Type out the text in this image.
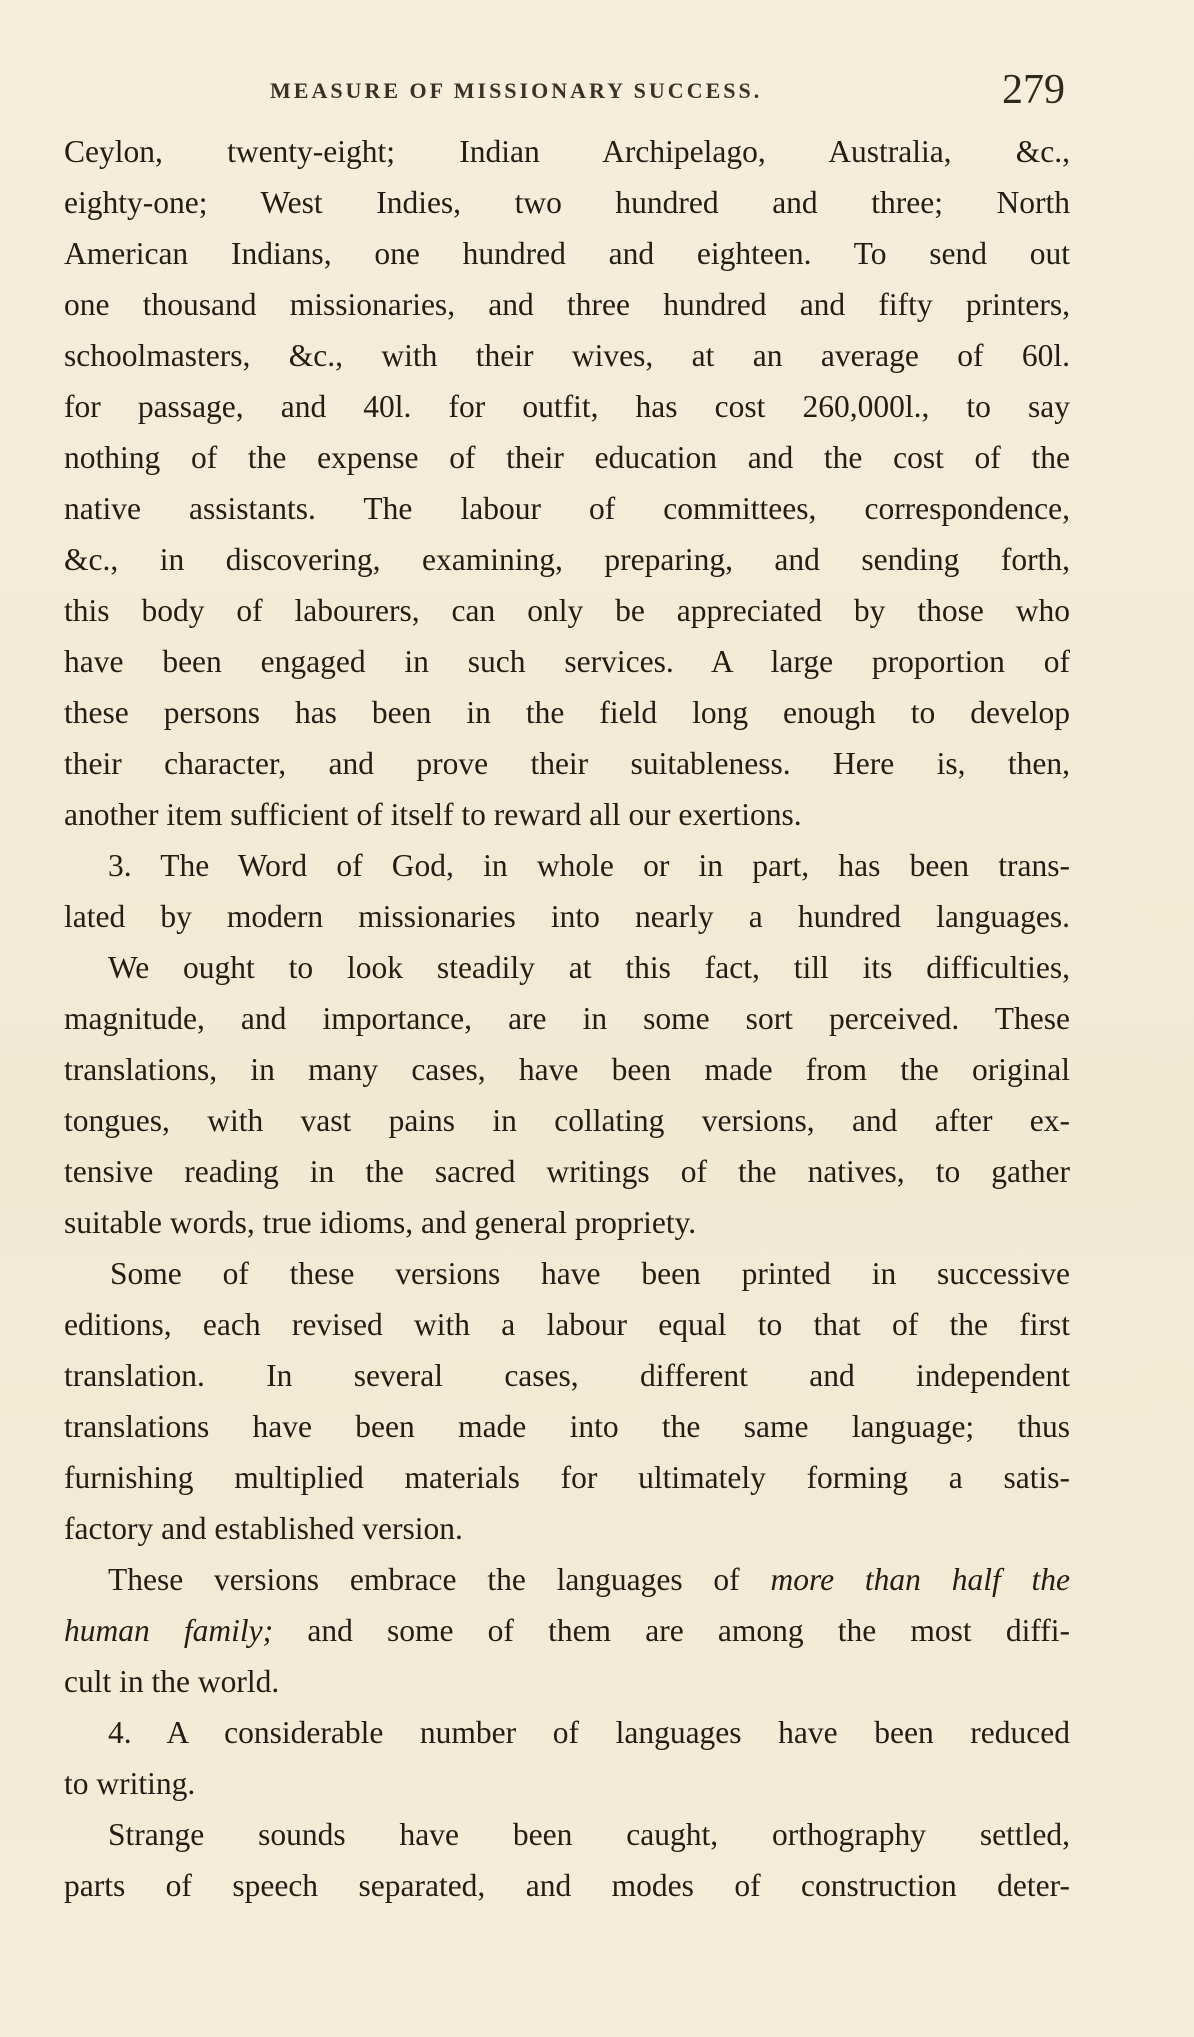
MEASURE OF MISSIONARY SUCCESS.	279
Ceylon, twenty-eight; Indian Archipelago, Australia, &c.,
eighty-one; West Indies, two hundred and three; North
American Indians, one hundred and eighteen. To send out
one thousand missionaries, and three hundred and fifty printers,
schoolmasters, &c., with their wives, at an average of 60l.
for passage, and 40l. for outfit, has cost 260,000l., to say
nothing of the expense of their education and the cost of the
native assistants. The labour of committees, correspondence,
&c., in discovering, examining, preparing, and sending forth,
this body of labourers, can only be appreciated by those who
have been engaged in such services. A large proportion of
these persons has been in the field long enough to develop
their character, and prove their suitableness. Here is, then,
another item sufficient of itself to reward all our exertions.
3. The Word of God, in whole or in part, has been trans-
lated by modern missionaries into nearly a hundred languages.
We ought to look steadily at this fact, till its difficulties,
magnitude, and importance, are in some sort perceived. These
translations, in many cases, have been made from the original
tongues, with vast pains in collating versions, and after ex-
tensive reading in the sacred writings of the natives, to gather
suitable words, true idioms, and general propriety.
Some of these versions have been printed in successive
editions, each revised with a labour equal to that of the first
translation. In several cases, different and independent
translations have been made into the same language; thus
furnishing multiplied materials for ultimately forming a satis-
factory and established version.
These versions embrace the languages of more than half the
human family; and some of them are among the most diffi-
cult in the world.
4. A considerable number of languages have been reduced
to writing.
Strange sounds have been caught, orthography settled,
parts of speech separated, and modes of construction deter-
